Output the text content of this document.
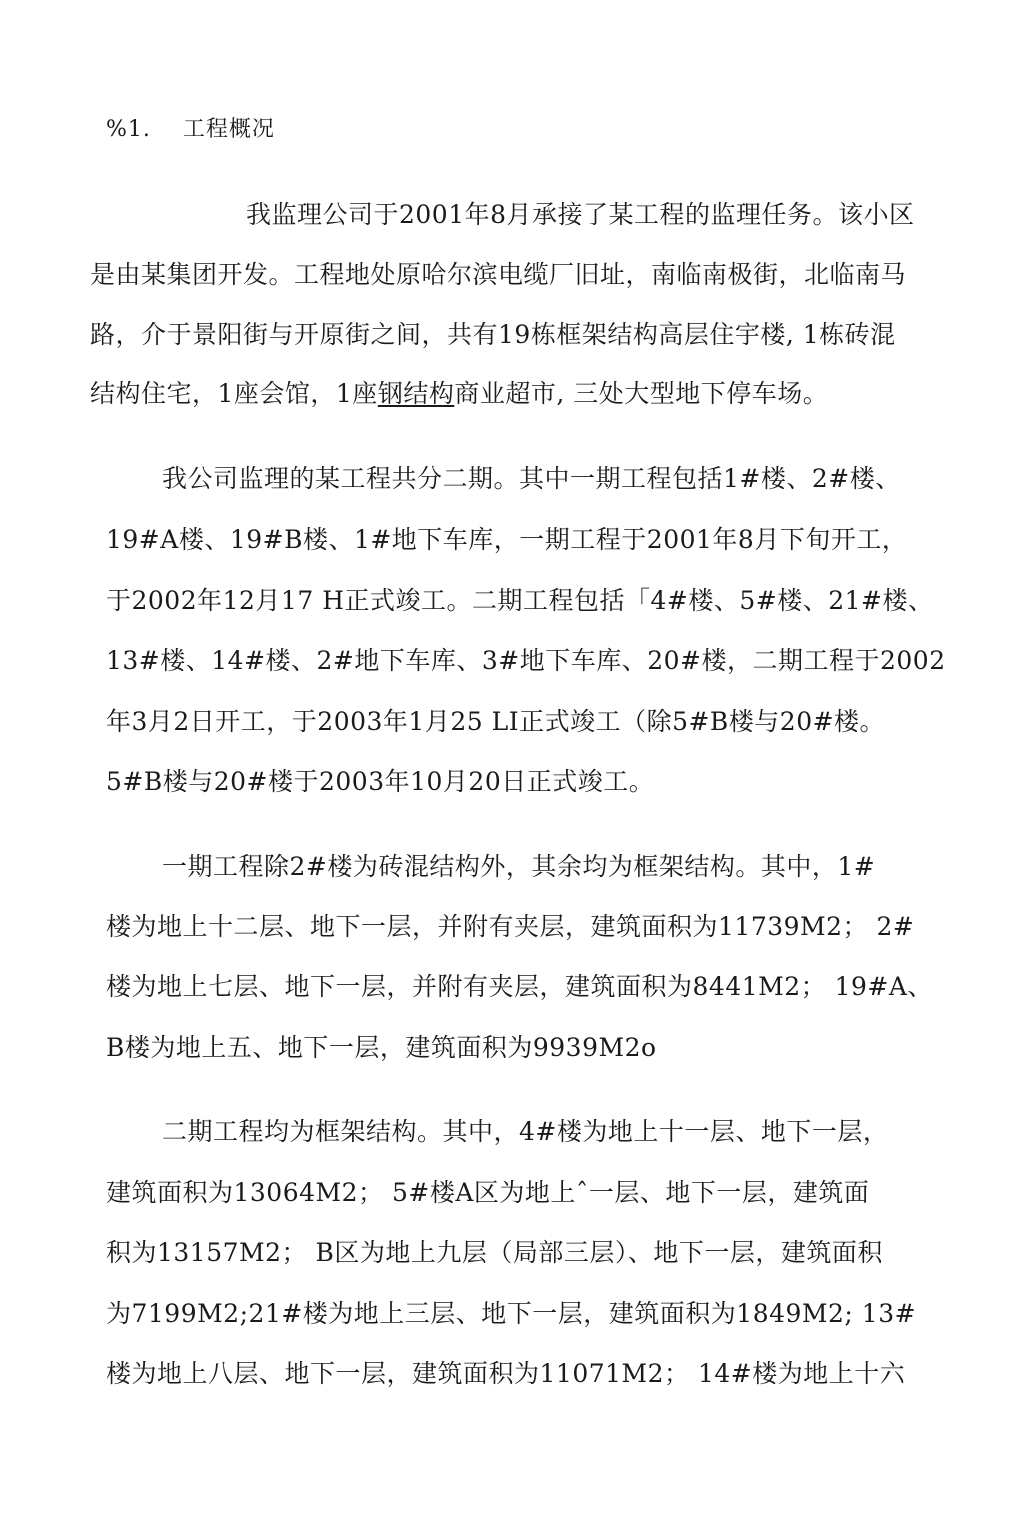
%1. 工程概况
我监理公司于2001年8月承接了某工程的监理任务。该小区
是由某集团开发。工程地处原哈尔滨电缆厂旧址，南临南极街，北临南马
路，介于景阳街与开原街之间，共有19栋框架结构高层住宇楼, 1栋砖混
结构住宅，1座会馆，1座钢结构商业超市, 三处大型地下停车场。
我公司监理的某工程共分二期。其中一期工程包括1#楼、2#楼、
19#A楼、19#B楼、1#地下车库，一期工程于2001年8月下旬开工，
于2002年12月17 H正式竣工。二期工程包括「4#楼、5#楼、21#楼、
13#楼、14#楼、2#地下车库、3#地下车库、20#楼，二期工程于2002
年3月2日开工，于2003年1月25 LI正式竣工（除5#B楼与20#楼。
5#B楼与20#楼于2003年10月20日正式竣工。
一期工程除2#楼为砖混结构外，其余均为框架结构。其中，1#
楼为地上十二层、地下一层，并附有夹层，建筑面积为11739M2； 2#
楼为地上七层、地下一层，并附有夹层，建筑面积为8441M2； 19#A、
B楼为地上五、地下一层，建筑面积为9939M2o
二期工程均为框架结构。其中，4#楼为地上十一层、地下一层，
建筑面积为13064M2； 5#楼A区为地上ˆ一层、地下一层，建筑面
积为13157M2； B区为地上九层（局部三层）、地下一层，建筑面积
为7199M2;21#楼为地上三层、地下一层，建筑面积为1849M2; 13#
楼为地上八层、地下一层，建筑面积为11071M2； 14#楼为地上十六
